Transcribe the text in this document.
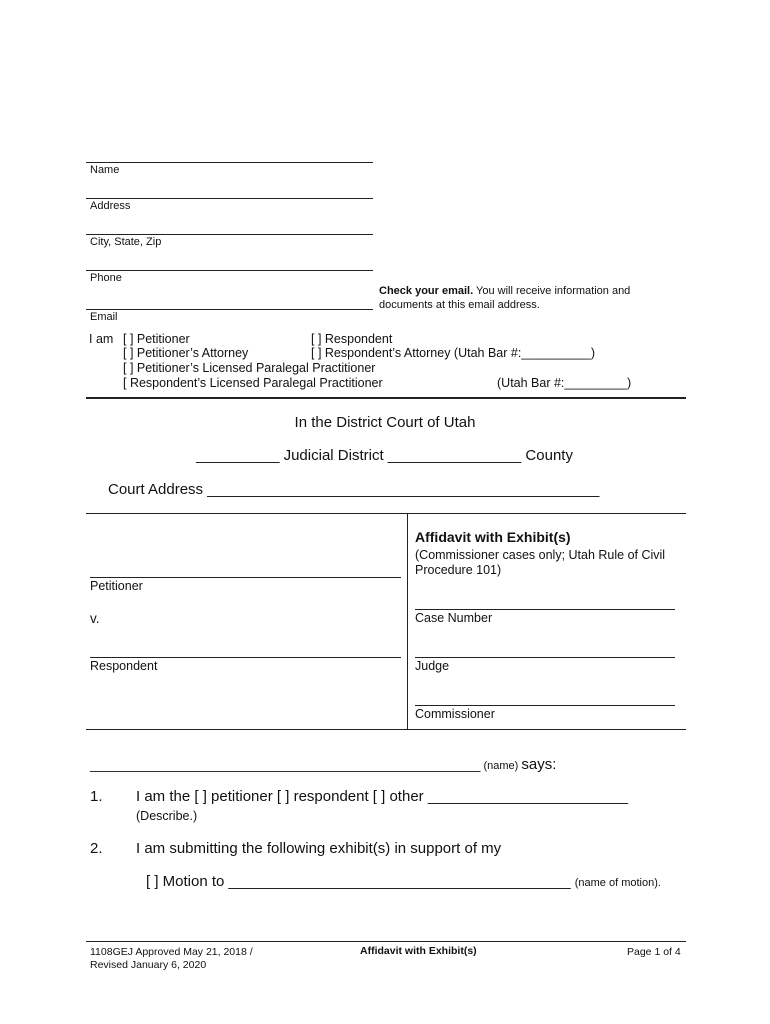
Name
Address
City, State, Zip
Phone
Email
Check your email. You will receive information and
documents at this email address.
I am [ ] Petitioner	[ ] Respondent
[ ] Petitioner’s Attorney	[ ] Respondent’s Attorney (Utah Bar #:__________)
[ ] Petitioner’s Licensed Paralegal Practitioner
[ Respondent’s Licensed Paralegal Practitioner	(Utah Bar #:_________)
In the District Court of Utah
__________ Judicial District ________________ County
Court Address _______________________________________________
Petitioner
v.
Respondent
Affidavit with Exhibit(s)
(Commissioner cases only; Utah Rule of Civil
Procedure 101)
Case Number
Judge
Commissioner
____________________________________________________ (name) says:
1. I am the [ ] petitioner [ ] respondent [ ] other ________________________
(Describe.)
2. I am submitting the following exhibit(s) in support of my
[ ] Motion to _________________________________________ (name of motion).
1108GEJ Approved May 21, 2018 /
Revised January 6, 2020
Affidavit with Exhibit(s)	Page 1 of 4
